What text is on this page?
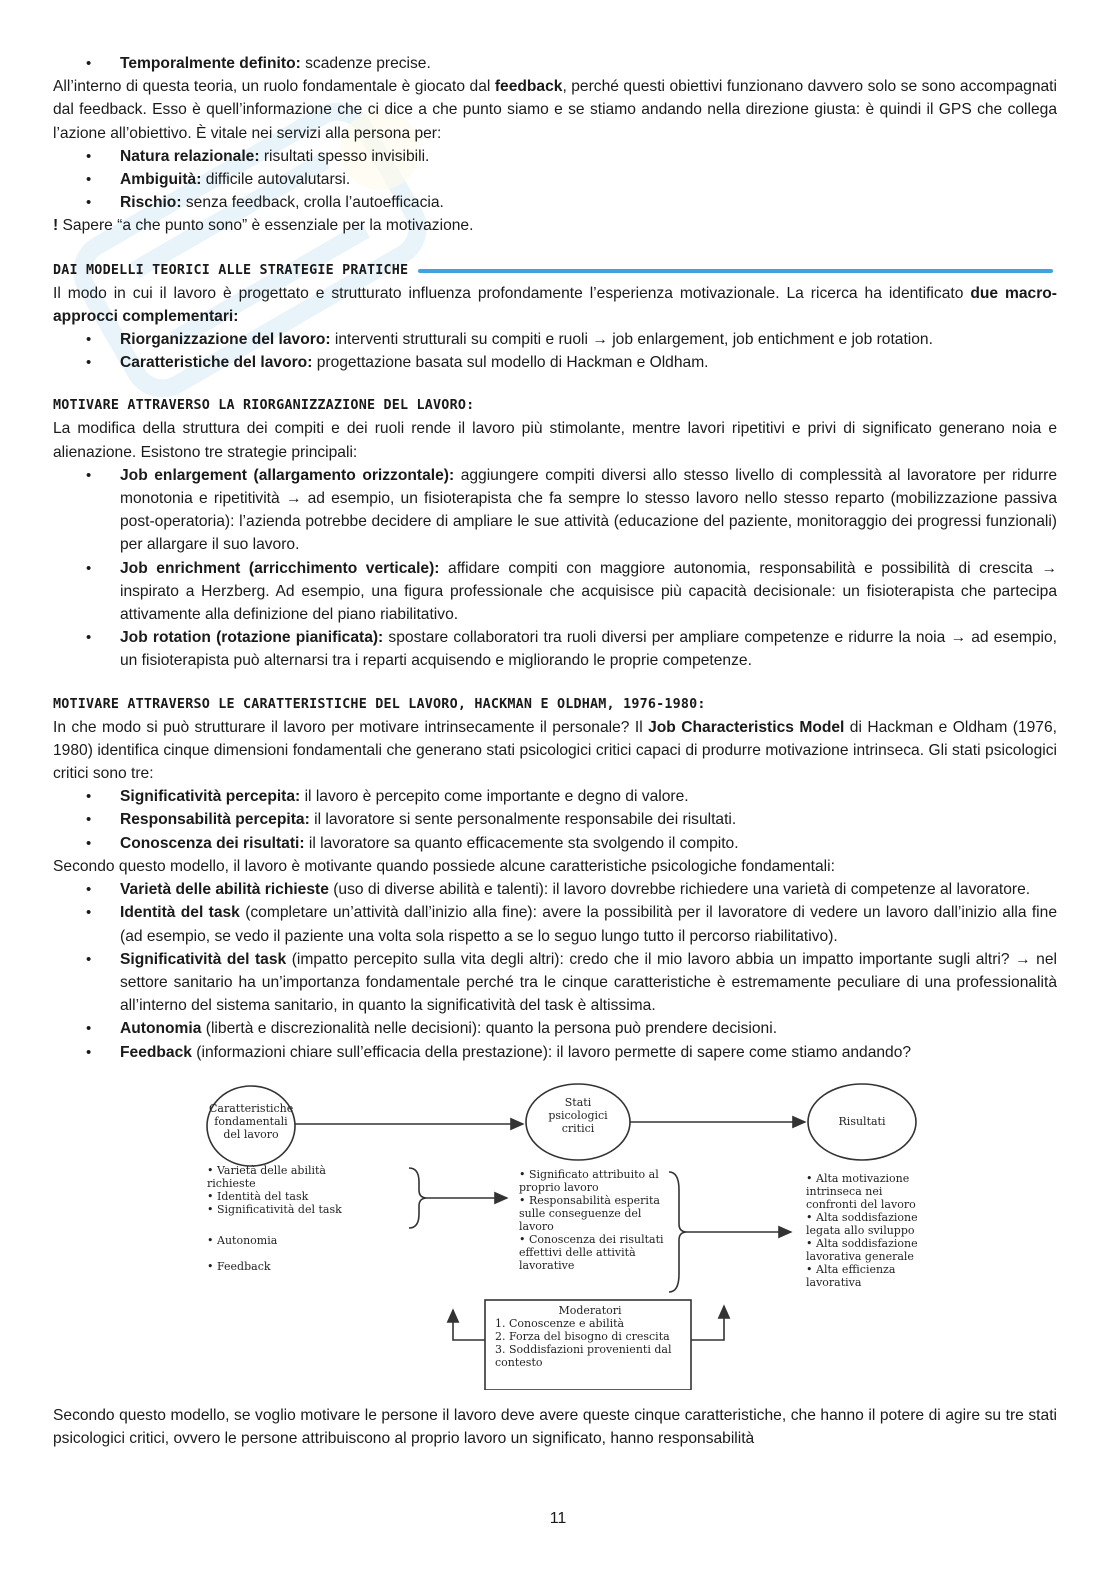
• Temporalmente definito: scadenze precise.

All’interno di questa teoria, un ruolo fondamentale è giocato dal feedback, perché questi obiettivi funzionano davvero solo se sono accompagnati dal feedback. Esso è quell’informazione che ci dice a che punto siamo e se stiamo andando nella direzione giusta: è quindi il GPS che collega l’azione all’obiettivo. È vitale nei servizi alla persona per:

• Natura relazionale: risultati spesso invisibili.
• Ambiguità: difficile autovalutarsi.
• Rischio: senza feedback, crolla l’autoefficacia.

! Sapere “a che punto sono” è essenziale per la motivazione.

DAI MODELLI TEORICI ALLE STRATEGIE PRATICHE

Il modo in cui il lavoro è progettato e strutturato influenza profondamente l’esperienza motivazionale. La ricerca ha identificato due macro-approcci complementari:

• Riorganizzazione del lavoro: interventi strutturali su compiti e ruoli → job enlargement, job entichment e job rotation.
• Caratteristiche del lavoro: progettazione basata sul modello di Hackman e Oldham.
MOTIVARE ATTRAVERSO LA RIORGANIZZAZIONE DEL LAVORO:

La modifica della struttura dei compiti e dei ruoli rende il lavoro più stimolante, mentre lavori ripetitivi e privi di significato generano noia e alienazione. Esistono tre strategie principali:

• Job enlargement (allargamento orizzontale): aggiungere compiti diversi allo stesso livello di complessità al lavoratore per ridurre monotonia e ripetitività → ad esempio, un fisioterapista che fa sempre lo stesso lavoro nello stesso reparto (mobilizzazione passiva post-operatoria): l’azienda potrebbe decidere di ampliare le sue attività (educazione del paziente, monitoraggio dei progressi funzionali) per allargare il suo lavoro.
• Job enrichment (arricchimento verticale): affidare compiti con maggiore autonomia, responsabilità e possibilità di crescita → inspirato a Herzberg. Ad esempio, una figura professionale che acquisisce più capacità decisionale: un fisioterapista che partecipa attivamente alla definizione del piano riabilitativo.
• Job rotation (rotazione pianificata): spostare collaboratori tra ruoli diversi per ampliare competenze e ridurre la noia → ad esempio, un fisioterapista può alternarsi tra i reparti acquisendo e migliorando le proprie competenze.
MOTIVARE ATTRAVERSO LE CARATTERISTICHE DEL LAVORO, HACKMAN E OLDHAM, 1976-1980:

In che modo si può strutturare il lavoro per motivare intrinsecamente il personale? Il Job Characteristics Model di Hackman e Oldham (1976, 1980) identifica cinque dimensioni fondamentali che generano stati psicologici critici capaci di produrre motivazione intrinseca. Gli stati psicologici critici sono tre:

• Significatività percepita: il lavoro è percepito come importante e degno di valore.
• Responsabilità percepita: il lavoratore si sente personalmente responsabile dei risultati.
• Conoscenza dei risultati: il lavoratore sa quanto efficacemente sta svolgendo il compito.

Secondo questo modello, il lavoro è motivante quando possiede alcune caratteristiche psicologiche fondamentali:

• Varietà delle abilità richieste (uso di diverse abilità e talenti): il lavoro dovrebbe richiedere una varietà di competenze al lavoratore.
• Identità del task (completare un’attività dall’inizio alla fine): avere la possibilità per il lavoratore di vedere un lavoro dall’inizio alla fine (ad esempio, se vedo il paziente una volta sola rispetto a se lo seguo lungo tutto il percorso riabilitativo).
• Significatività del task (impatto percepito sulla vita degli altri): credo che il mio lavoro abbia un impatto importante sugli altri? → nel settore sanitario ha un’importanza fondamentale perché tra le cinque caratteristiche è estremamente peculiare di una professionalità all’interno del sistema sanitario, in quanto la significatività del task è altissima.
• Autonomia (libertà e discrezionalità nelle decisioni): quanto la persona può prendere decisioni.
• Feedback (informazioni chiare sull’efficacia della prestazione): il lavoro permette di sapere come stiamo andando?
Caratteristiche fondamentali del lavoro
Stati psicologici critici
Risultati
• Varietà delle abilità richieste
• Identità del task
• Significatività del task
• Autonomia
• Feedback
• Significato attribuito al proprio lavoro
• Responsabilità esperita sulle conseguenze del lavoro
• Conoscenza dei risultati effettivi delle attività lavorative
• Alta motivazione intrinseca nei confronti del lavoro
• Alta soddisfazione legata allo sviluppo
• Alta soddisfazione lavorativa generale
• Alta efficienza lavorativa
Moderatori
1. Conoscenze e abilità
2. Forza del bisogno di crescita
3. Soddisfazioni provenienti dal contesto

Secondo questo modello, se voglio motivare le persone il lavoro deve avere queste cinque caratteristiche, che hanno il potere di agire su tre stati psicologici critici, ovvero le persone attribuiscono al proprio lavoro un significato, hanno responsabilità

11
